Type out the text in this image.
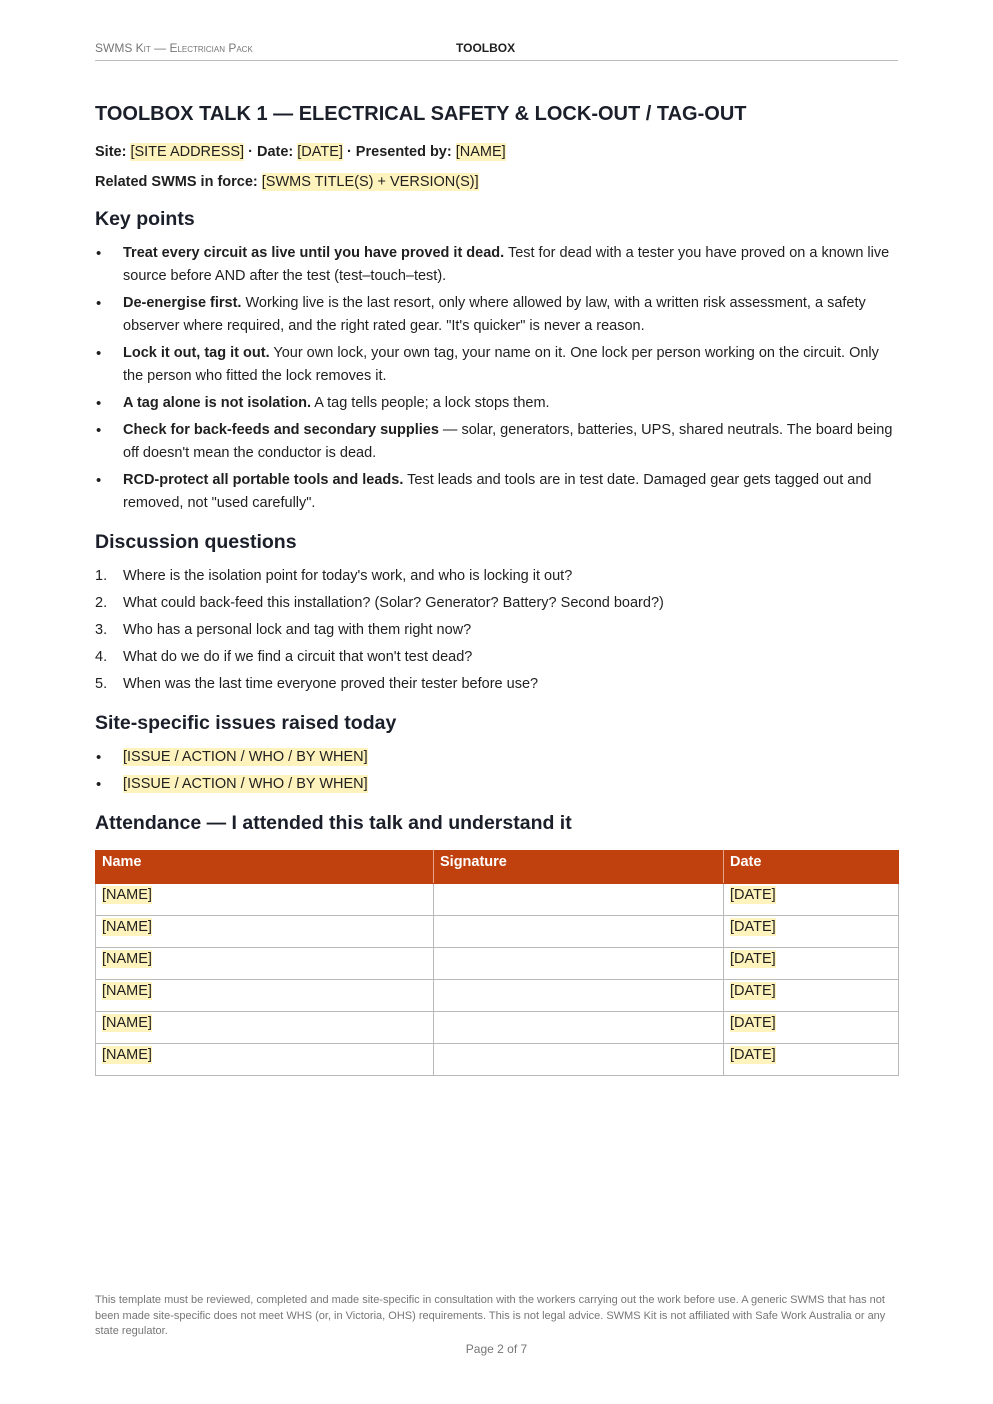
SWMS Kit — Electrician Pack	TOOLBOX
TOOLBOX TALK 1 — ELECTRICAL SAFETY & LOCK-OUT / TAG-OUT

Site: [SITE ADDRESS] · Date: [DATE] · Presented by: [NAME]

Related SWMS in force: [SWMS TITLE(S) + VERSION(S)]

Key points
• Treat every circuit as live until you have proved it dead. Test for dead with a tester you have proved on a known live source before AND after the test (test–touch–test).
• De-energise first. Working live is the last resort, only where allowed by law, with a written risk assessment, a safety observer where required, and the right rated gear. "It's quicker" is never a reason.
• Lock it out, tag it out. Your own lock, your own tag, your name on it. One lock per person working on the circuit. Only the person who fitted the lock removes it.
• A tag alone is not isolation. A tag tells people; a lock stops them.
• Check for back-feeds and secondary supplies — solar, generators, batteries, UPS, shared neutrals. The board being off doesn't mean the conductor is dead.
• RCD-protect all portable tools and leads. Test leads and tools are in test date. Damaged gear gets tagged out and removed, not "used carefully".
Discussion questions
1. Where is the isolation point for today's work, and who is locking it out?
2. What could back-feed this installation? (Solar? Generator? Battery? Second board?)
3. Who has a personal lock and tag with them right now?
4. What do we do if we find a circuit that won't test dead?
5. When was the last time everyone proved their tester before use?
Site-specific issues raised today
• [ISSUE / ACTION / WHO / BY WHEN]
• [ISSUE / ACTION / WHO / BY WHEN]
Attendance — I attended this talk and understand it
Name	Signature	Date
[NAME]		[DATE]
[NAME]		[DATE]
[NAME]		[DATE]
[NAME]		[DATE]
[NAME]		[DATE]
[NAME]		[DATE]
This template must be reviewed, completed and made site-specific in consultation with the workers carrying out the work before use. A generic SWMS that has not been made site-specific does not meet WHS (or, in Victoria, OHS) requirements. This is not legal advice. SWMS Kit is not affiliated with Safe Work Australia or any state regulator.
Page 2 of 7
